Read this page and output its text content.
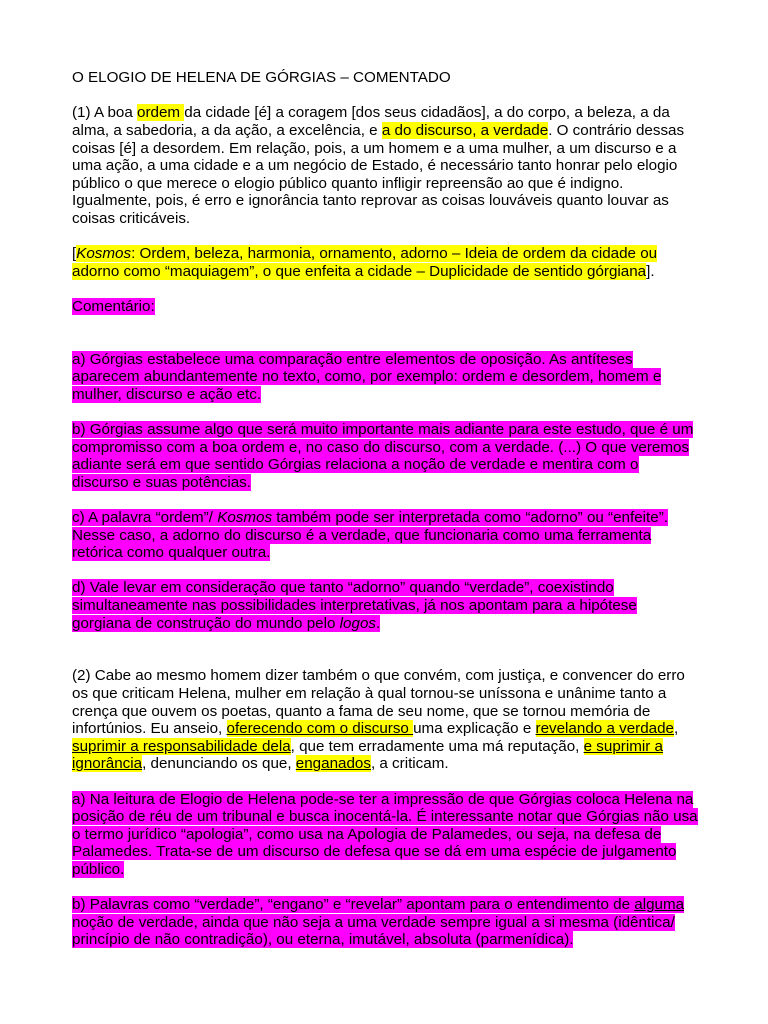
O ELOGIO DE HELENA DE GÓRGIAS – COMENTADO

(1) A boa ordem da cidade [é] a coragem [dos seus cidadãos], a do corpo, a beleza, a da alma, a sabedoria, a da ação, a excelência, e a do discurso, a verdade. O contrário dessas coisas [é] a desordem. Em relação, pois, a um homem e a uma mulher, a um discurso e a uma ação, a uma cidade e a um negócio de Estado, é necessário tanto honrar pelo elogio público o que merece o elogio público quanto infligir repreensão ao que é indigno. Igualmente, pois, é erro e ignorância tanto reprovar as coisas louváveis quanto louvar as coisas criticáveis.

[Kosmos: Ordem, beleza, harmonia, ornamento, adorno – Ideia de ordem da cidade ou adorno como “maquiagem”, o que enfeita a cidade – Duplicidade de sentido górgiana].

Comentário:

a) Górgias estabelece uma comparação entre elementos de oposição. As antíteses aparecem abundantemente no texto, como, por exemplo: ordem e desordem, homem e mulher, discurso e ação etc.

b) Górgias assume algo que será muito importante mais adiante para este estudo, que é um compromisso com a boa ordem e, no caso do discurso, com a verdade. (...) O que veremos adiante será em que sentido Górgias relaciona a noção de verdade e mentira com o discurso e suas potências.

c) A palavra “ordem”/ Kosmos também pode ser interpretada como “adorno” ou “enfeite”. Nesse caso, a adorno do discurso é a verdade, que funcionaria como uma ferramenta retórica como qualquer outra.

d) Vale levar em consideração que tanto “adorno” quando “verdade”, coexistindo simultaneamente nas possibilidades interpretativas, já nos apontam para a hipótese gorgiana de construção do mundo pelo logos.

(2) Cabe ao mesmo homem dizer também o que convém, com justiça, e convencer do erro os que criticam Helena, mulher em relação à qual tornou-se uníssona e unânime tanto a crença que ouvem os poetas, quanto a fama de seu nome, que se tornou memória de infortúnios. Eu anseio, oferecendo com o discurso uma explicação e revelando a verdade, suprimir a responsabilidade dela, que tem erradamente uma má reputação, e suprimir a ignorância, denunciando os que, enganados, a criticam.

a) Na leitura de Elogio de Helena pode-se ter a impressão de que Górgias coloca Helena na posição de réu de um tribunal e busca inocentá-la. É interessante notar que Górgias não usa o termo jurídico “apologia”, como usa na Apologia de Palamedes, ou seja, na defesa de Palamedes. Trata-se de um discurso de defesa que se dá em uma espécie de julgamento público.

b) Palavras como “verdade”, “engano” e “revelar” apontam para o entendimento de alguma noção de verdade, ainda que não seja a uma verdade sempre igual a si mesma (idêntica/ princípio de não contradição), ou eterna, imutável, absoluta (parmenídica).
